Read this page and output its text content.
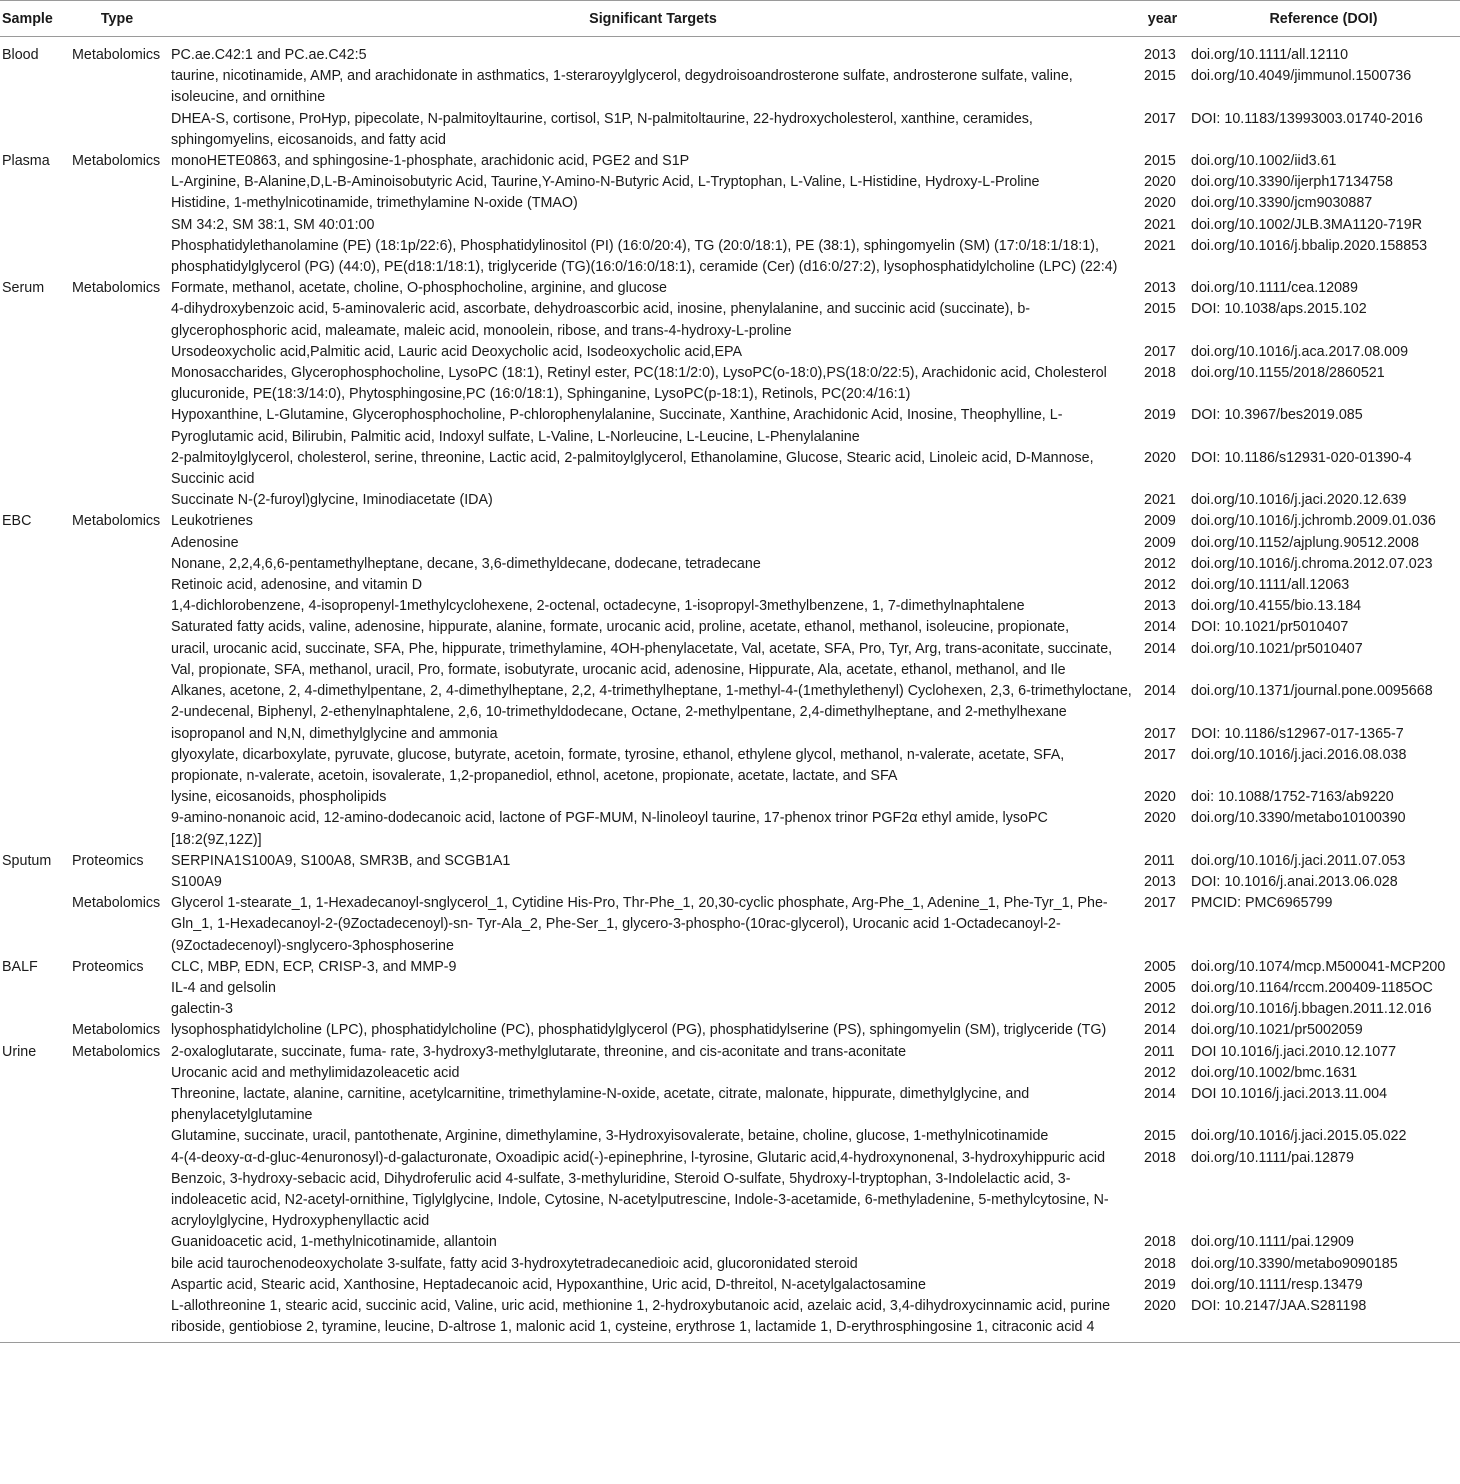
Sample	Type	Significant Targets	year	Reference (DOI)
Blood	Metabolomics	PC.ae.C42:1 and PC.ae.C42:5	2013	doi.org/10.1111/all.12110
		taurine, nicotinamide, AMP, and arachidonate in asthmatics, 1-steraroyylglycerol, degydroisoandrosterone sulfate, androsterone sulfate, valine, isoleucine, and ornithine	2015	doi.org/10.4049/jimmunol.1500736
		DHEA-S, cortisone, ProHyp, pipecolate, N-palmitoyltaurine, cortisol, S1P, N-palmitoltaurine, 22-hydroxycholesterol, xanthine, ceramides, sphingomyelins, eicosanoids, and fatty acid	2017	DOI: 10.1183/13993003.01740-2016
Plasma	Metabolomics	monoHETE0863, and sphingosine-1-phosphate, arachidonic acid, PGE2 and S1P	2015	doi.org/10.1002/iid3.61
		L-Arginine, B-Alanine,D,L-B-Aminoisobutyric Acid, Taurine,Y-Amino-N-Butyric Acid, L-Tryptophan, L-Valine, L-Histidine, Hydroxy-L-Proline	2020	doi.org/10.3390/ijerph17134758
		Histidine, 1-methylnicotinamide, trimethylamine N-oxide (TMAO)	2020	doi.org/10.3390/jcm9030887
		SM 34:2, SM 38:1, SM 40:01:00	2021	doi.org/10.1002/JLB.3MA1120-719R
		Phosphatidylethanolamine (PE) (18:1p/22:6), Phosphatidylinositol (PI) (16:0/20:4), TG (20:0/18:1), PE (38:1), sphingomyelin (SM) (17:0/18:1/18:1), phosphatidylglycerol (PG) (44:0), PE(d18:1/18:1), triglyceride (TG)(16:0/16:0/18:1), ceramide (Cer) (d16:0/27:2), lysophosphatidylcholine (LPC) (22:4)	2021	doi.org/10.1016/j.bbalip.2020.158853
Serum	Metabolomics	Formate, methanol, acetate, choline, O-phosphocholine, arginine, and glucose	2013	doi.org/10.1111/cea.12089
		4-dihydroxybenzoic acid, 5-aminovaleric acid, ascorbate, dehydroascorbic acid, inosine, phenylalanine, and succinic acid (succinate), b-glycerophosphoric acid, maleamate, maleic acid, monoolein, ribose, and trans-4-hydroxy-L-proline	2015	DOI: 10.1038/aps.2015.102
		Ursodeoxycholic acid,Palmitic acid, Lauric acid Deoxycholic acid, Isodeoxycholic acid,EPA	2017	doi.org/10.1016/j.aca.2017.08.009
		Monosaccharides, Glycerophosphocholine, LysoPC (18:1), Retinyl ester, PC(18:1/2:0), LysoPC(o-18:0),PS(18:0/22:5), Arachidonic acid, Cholesterol glucuronide, PE(18:3/14:0), Phytosphingosine,PC (16:0/18:1), Sphinganine, LysoPC(p-18:1), Retinols, PC(20:4/16:1)	2018	doi.org/10.1155/2018/2860521
		Hypoxanthine, L-Glutamine, Glycerophosphocholine, P-chlorophenylalanine, Succinate, Xanthine, Arachidonic Acid, Inosine, Theophylline, L-Pyroglutamic acid, Bilirubin, Palmitic acid, Indoxyl sulfate, L-Valine, L-Norleucine, L-Leucine, L-Phenylalanine	2019	DOI: 10.3967/bes2019.085
		2-palmitoylglycerol, cholesterol, serine, threonine, Lactic acid, 2-palmitoylglycerol, Ethanolamine, Glucose, Stearic acid, Linoleic acid, D-Mannose, Succinic acid	2020	DOI: 10.1186/s12931-020-01390-4
		Succinate N-(2-furoyl)glycine, Iminodiacetate (IDA)	2021	doi.org/10.1016/j.jaci.2020.12.639
EBC	Metabolomics	Leukotrienes	2009	doi.org/10.1016/j.jchromb.2009.01.036
		Adenosine	2009	doi.org/10.1152/ajplung.90512.2008
		Nonane, 2,2,4,6,6-pentamethylheptane, decane, 3,6-dimethyldecane, dodecane, tetradecane	2012	doi.org/10.1016/j.chroma.2012.07.023
		Retinoic acid, adenosine, and vitamin D	2012	doi.org/10.1111/all.12063
		1,4-dichlorobenzene, 4-isopropenyl-1methylcyclohexene, 2-octenal, octadecyne, 1-isopropyl-3methylbenzene, 1, 7-dimethylnaphtalene	2013	doi.org/10.4155/bio.13.184
		Saturated fatty acids, valine, adenosine, hippurate, alanine, formate, urocanic acid, proline, acetate, ethanol, methanol, isoleucine, propionate,	2014	DOI: 10.1021/pr5010407
		uracil, urocanic acid, succinate, SFA, Phe, hippurate, trimethylamine, 4OH-phenylacetate, Val, acetate, SFA, Pro, Tyr, Arg, trans-aconitate, succinate, Val, propionate, SFA, methanol, uracil, Pro, formate, isobutyrate, urocanic acid, adenosine, Hippurate, Ala, acetate, ethanol, methanol, and Ile	2014	doi.org/10.1021/pr5010407
		Alkanes, acetone, 2, 4-dimethylpentane, 2, 4-dimethylheptane, 2,2, 4-trimethylheptane, 1-methyl-4-(1methylethenyl) Cyclohexen, 2,3, 6-trimethyloctane, 2-undecenal, Biphenyl, 2-ethenylnaphtalene, 2,6, 10-trimethyldodecane, Octane, 2-methylpentane, 2,4-dimethylheptane, and 2-methylhexane	2014	doi.org/10.1371/journal.pone.0095668
		isopropanol and N,N, dimethylglycine and ammonia	2017	DOI: 10.1186/s12967-017-1365-7
		glyoxylate, dicarboxylate, pyruvate, glucose, butyrate, acetoin, formate, tyrosine, ethanol, ethylene glycol, methanol, n-valerate, acetate, SFA, propionate, n-valerate, acetoin, isovalerate, 1,2-propanediol, ethnol, acetone, propionate, acetate, lactate, and SFA	2017	doi.org/10.1016/j.jaci.2016.08.038
		lysine, eicosanoids, phospholipids	2020	doi: 10.1088/1752-7163/ab9220
		9-amino-nonanoic acid, 12-amino-dodecanoic acid, lactone of PGF-MUM, N-linoleoyl taurine, 17-phenox trinor PGF2α ethyl amide, lysoPC [18:2(9Z,12Z)]	2020	doi.org/10.3390/metabo10100390
Sputum	Proteomics	SERPINA1S100A9, S100A8, SMR3B, and SCGB1A1	2011	doi.org/10.1016/j.jaci.2011.07.053
		S100A9	2013	DOI: 10.1016/j.anai.2013.06.028
	Metabolomics	Glycerol 1-stearate_1, 1-Hexadecanoyl-snglycerol_1, Cytidine His-Pro, Thr-Phe_1, 20,30-cyclic phosphate, Arg-Phe_1, Adenine_1, Phe-Tyr_1, Phe-Gln_1, 1-Hexadecanoyl-2-(9Zoctadecenoyl)-sn- Tyr-Ala_2, Phe-Ser_1, glycero-3-phospho-(10rac-glycerol), Urocanic acid 1-Octadecanoyl-2-(9Zoctadecenoyl)-snglycero-3phosphoserine	2017	PMCID: PMC6965799
BALF	Proteomics	CLC, MBP, EDN, ECP, CRISP-3, and MMP-9	2005	doi.org/10.1074/mcp.M500041-MCP200
		IL-4 and gelsolin	2005	doi.org/10.1164/rccm.200409-1185OC
		galectin-3	2012	doi.org/10.1016/j.bbagen.2011.12.016
	Metabolomics	lysophosphatidylcholine (LPC), phosphatidylcholine (PC), phosphatidylglycerol (PG), phosphatidylserine (PS), sphingomyelin (SM), triglyceride (TG)	2014	doi.org/10.1021/pr5002059
Urine	Metabolomics	2-oxaloglutarate, succinate, fuma- rate, 3-hydroxy3-methylglutarate, threonine, and cis-aconitate and trans-aconitate	2011	DOI 10.1016/j.jaci.2010.12.1077
		Urocanic acid and methylimidazoleacetic acid	2012	doi.org/10.1002/bmc.1631
		Threonine, lactate, alanine, carnitine, acetylcarnitine, trimethylamine-N-oxide, acetate, citrate, malonate, hippurate, dimethylglycine, and phenylacetylglutamine	2014	DOI 10.1016/j.jaci.2013.11.004
		Glutamine, succinate, uracil, pantothenate, Arginine, dimethylamine, 3-Hydroxyisovalerate, betaine, choline, glucose, 1-methylnicotinamide	2015	doi.org/10.1016/j.jaci.2015.05.022
		4-(4-deoxy-α-d-gluc-4enuronosyl)-d-galacturonate, Oxoadipic acid(-)-epinephrine, l-tyrosine, Glutaric acid,4-hydroxynonenal, 3-hydroxyhippuric acid Benzoic, 3-hydroxy-sebacic acid, Dihydroferulic acid 4-sulfate, 3-methyluridine, Steroid O-sulfate, 5hydroxy-l-tryptophan, 3-Indolelactic acid, 3-indoleacetic acid, N2-acetyl-ornithine, Tiglylglycine, Indole, Cytosine, N-acetylputrescine, Indole-3-acetamide, 6-methyladenine, 5-methylcytosine, N-acryloylglycine, Hydroxyphenyllactic acid	2018	doi.org/10.1111/pai.12879
		Guanidoacetic acid, 1-methylnicotinamide, allantoin	2018	doi.org/10.1111/pai.12909
		bile acid taurochenodeoxycholate 3-sulfate, fatty acid 3-hydroxytetradecanedioic acid, glucoronidated steroid	2018	doi.org/10.3390/metabo9090185
		Aspartic acid, Stearic acid, Xanthosine, Heptadecanoic acid, Hypoxanthine, Uric acid, D-threitol, N-acetylgalactosamine	2019	doi.org/10.1111/resp.13479
		L-allothreonine 1, stearic acid, succinic acid, Valine, uric acid, methionine 1, 2-hydroxybutanoic acid, azelaic acid, 3,4-dihydroxycinnamic acid, purine riboside, gentiobiose 2, tyramine, leucine, D-altrose 1, malonic acid 1, cysteine, erythrose 1, lactamide 1, D-erythrosphingosine 1, citraconic acid 4	2020	DOI: 10.2147/JAA.S281198
